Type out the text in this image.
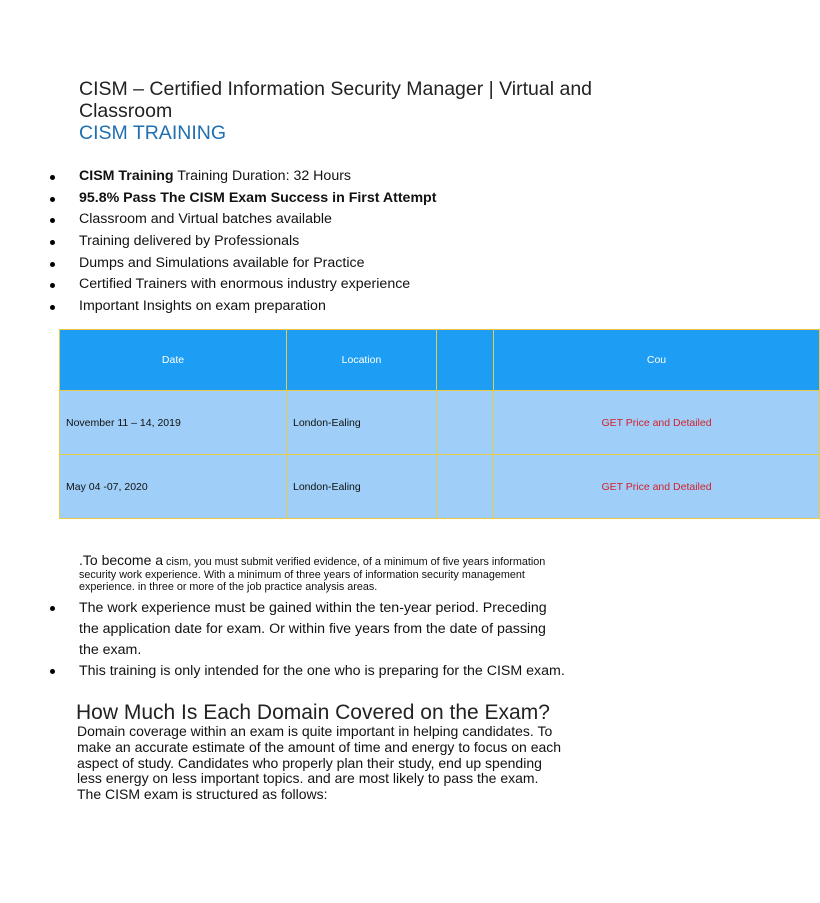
CISM – Certified Information Security Manager | Virtual and Classroom
CISM TRAINING
CISM Training Training Duration: 32 Hours
95.8% Pass The CISM Exam Success in First Attempt
Classroom and Virtual batches available
Training delivered by Professionals
Dumps and Simulations available for Practice
Certified Trainers with enormous industry experience
Important Insights on exam preparation
Date	Location		Cou
November 11 – 14, 2019	London-Ealing		GET Price and Detailed
May 04 -07, 2020	London-Ealing		GET Price and Detailed
.To become a cism, you must submit verified evidence, of a minimum of five years information security work experience. With a minimum of three years of information security management experience. in three or more of the job practice analysis areas.
The work experience must be gained within the ten-year period. Preceding the application date for exam. Or within five years from the date of passing the exam.
This training is only intended for the one who is preparing for the CISM exam.
How Much Is Each Domain Covered on the Exam?
Domain coverage within an exam is quite important in helping candidates. To make an accurate estimate of the amount of time and energy to focus on each aspect of study. Candidates who properly plan their study, end up spending less energy on less important topics. and are most likely to pass the exam.
The CISM exam is structured as follows:
